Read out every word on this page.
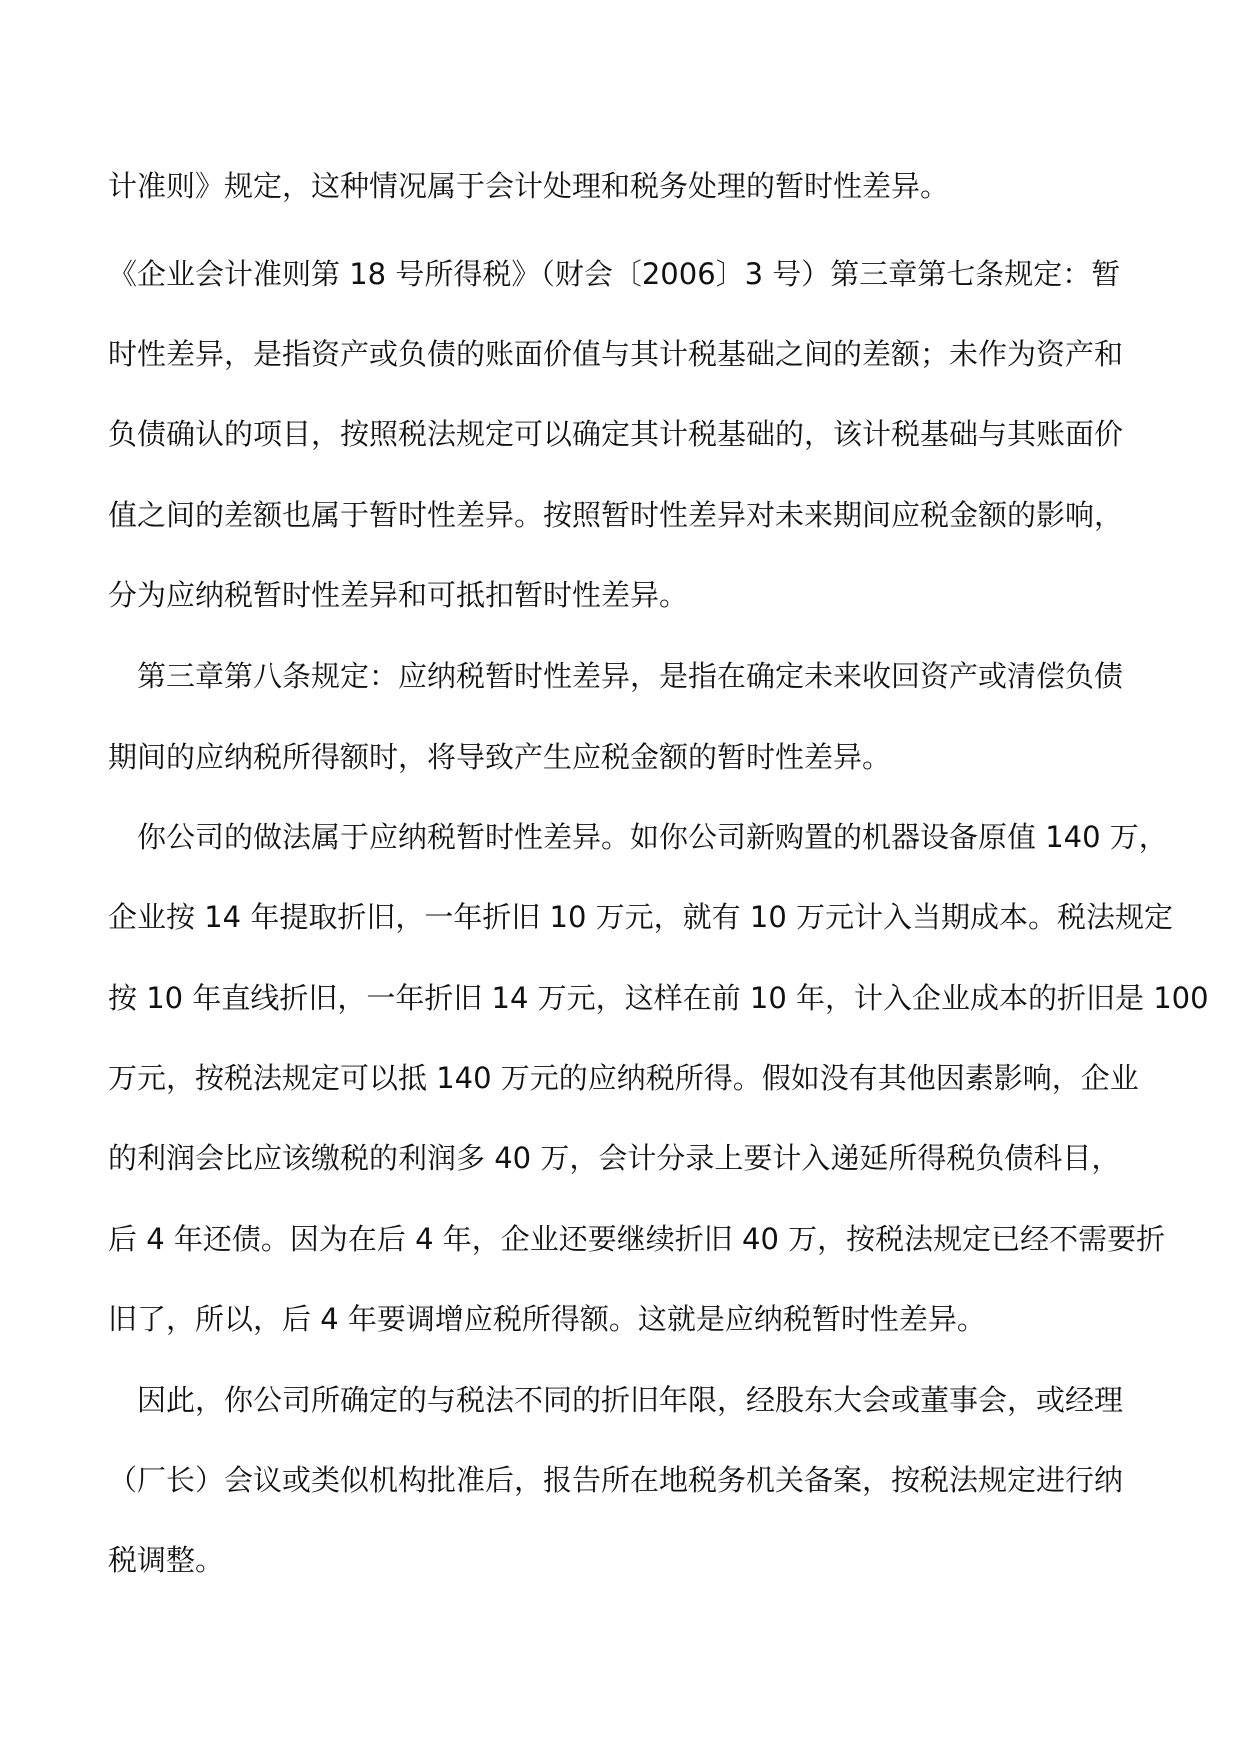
计准则》规定，这种情况属于会计处理和税务处理的暂时性差异。
《企业会计准则第 18 号所得税》（财会〔2006〕3 号）第三章第七条规定：暂
时性差异，是指资产或负债的账面价值与其计税基础之间的差额；未作为资产和
负债确认的项目，按照税法规定可以确定其计税基础的，该计税基础与其账面价
值之间的差额也属于暂时性差异。按照暂时性差异对未来期间应税金额的影响，
分为应纳税暂时性差异和可抵扣暂时性差异。
第三章第八条规定：应纳税暂时性差异，是指在确定未来收回资产或清偿负债
期间的应纳税所得额时，将导致产生应税金额的暂时性差异。
你公司的做法属于应纳税暂时性差异。如你公司新购置的机器设备原值 140 万，
企业按 14 年提取折旧，一年折旧 10 万元，就有 10 万元计入当期成本。税法规定
按 10 年直线折旧，一年折旧 14 万元，这样在前 10 年，计入企业成本的折旧是 100
万元，按税法规定可以抵 140 万元的应纳税所得。假如没有其他因素影响，企业
的利润会比应该缴税的利润多 40 万，会计分录上要计入递延所得税负债科目，
后 4 年还债。因为在后 4 年，企业还要继续折旧 40 万，按税法规定已经不需要折
旧了，所以，后 4 年要调增应税所得额。这就是应纳税暂时性差异。
因此，你公司所确定的与税法不同的折旧年限，经股东大会或董事会，或经理
（厂长）会议或类似机构批准后，报告所在地税务机关备案，按税法规定进行纳
税调整。
